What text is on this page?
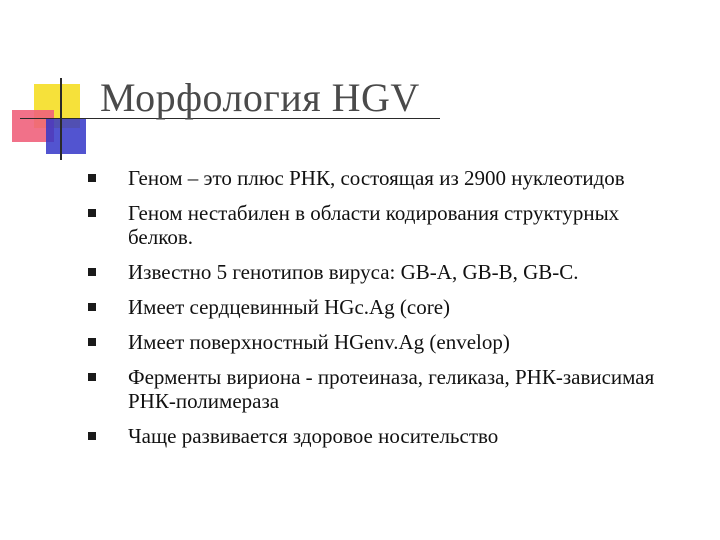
Морфология HGV
Геном – это плюс РНК, состоящая из 2900 нуклеотидов
Геном нестабилен в области кодирования структурных белков.
Известно 5 генотипов вируса: GB-A, GB-B, GB-C.
Имеет сердцевинный HGc.Ag (core)
Имеет поверхностный HGenv.Ag (envelop)
Ферменты вириона - протеиназа, геликаза, РНК-зависимая РНК-полимераза
Чаще развивается здоровое носительство
